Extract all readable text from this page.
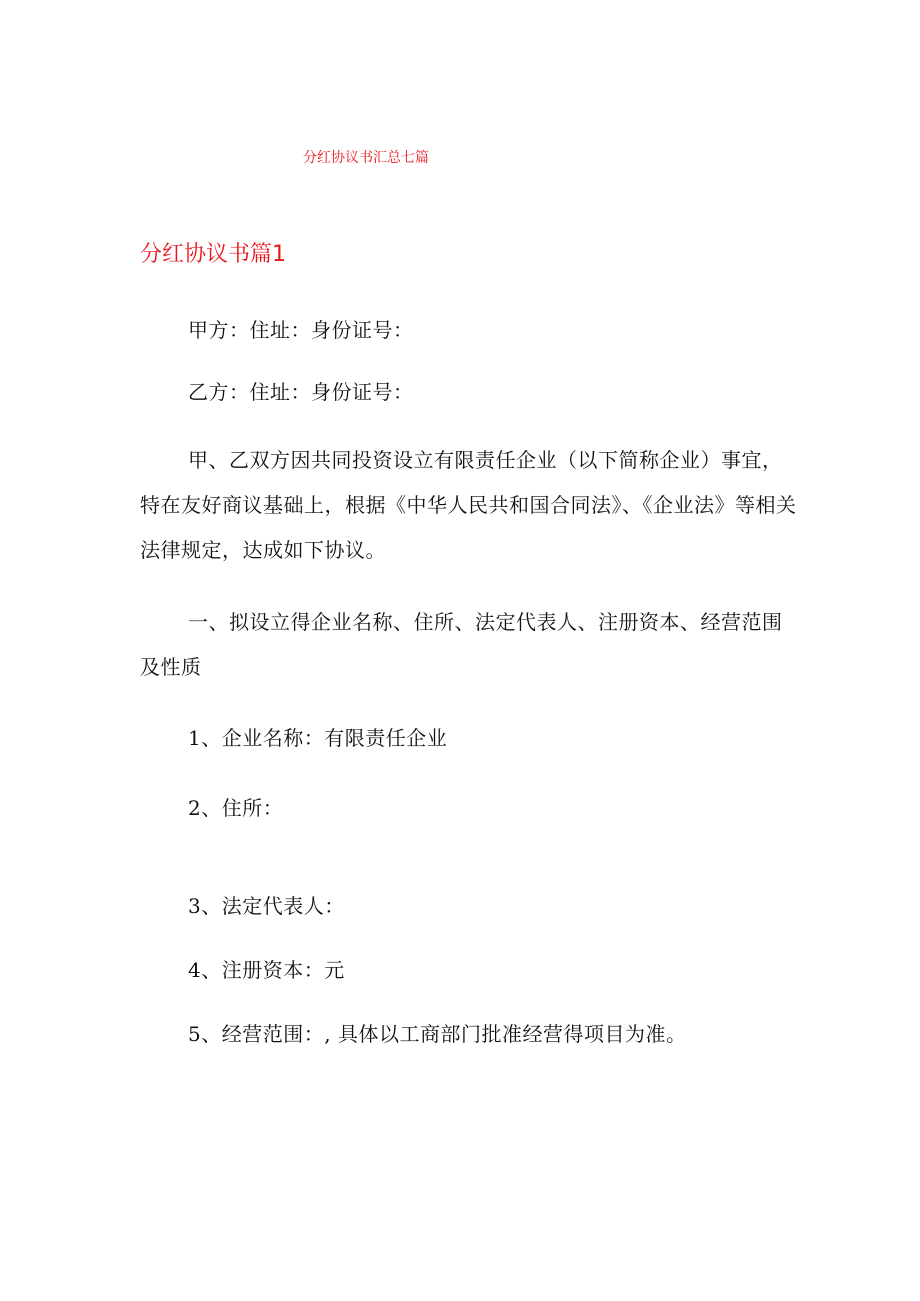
分红协议书汇总七篇
分红协议书篇1

甲方：住址：身份证号：

乙方：住址：身份证号：

甲、乙双方因共同投资设立有限责任企业（以下简称企业）事宜，特在友好商议基础上，根据《中华人民共和国合同法》、《企业法》等相关法律规定，达成如下协议。

一、拟设立得企业名称、住所、法定代表人、注册资本、经营范围及性质

1、企业名称：有限责任企业

2、住所：

3、法定代表人：

4、注册资本：元

5、经营范围：, 具体以工商部门批准经营得项目为准。
